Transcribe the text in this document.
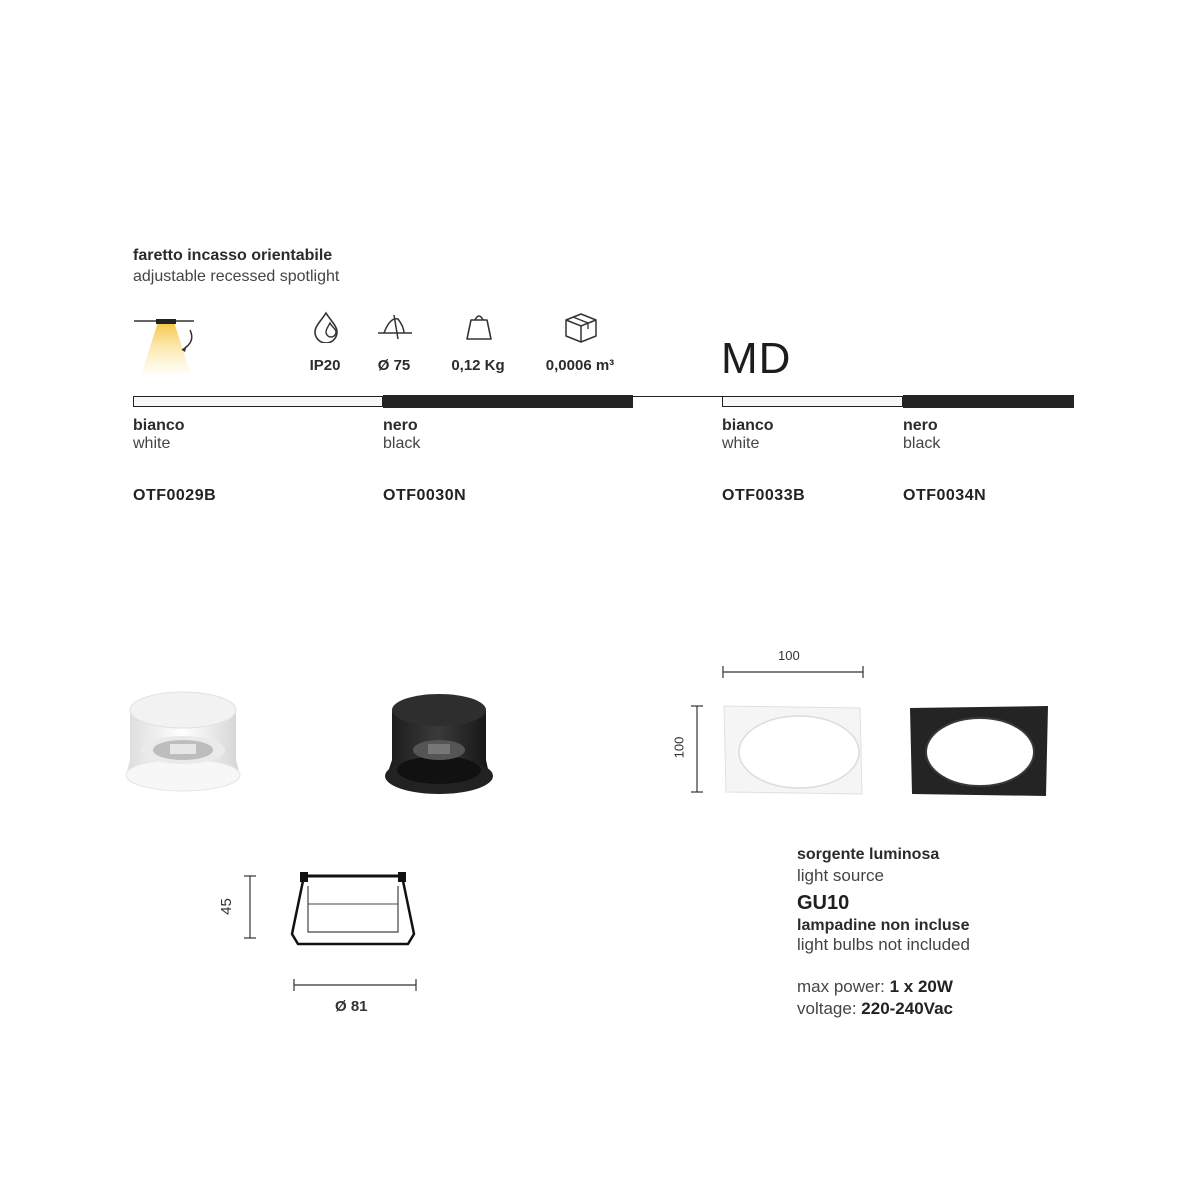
faretto incasso orientabile
adjustable recessed spotlight
IP20	Ø 75	0,12 Kg	0,0006 m³	MD
bianco
white
nero
black
bianco
white
nero
black
OTF0029B	OTF0030N	OTF0033B	OTF0034N
100
100
45
Ø 81
sorgente luminosa
light source
GU10
lampadine non incluse
light bulbs not included
max power: 1 x 20W
voltage: 220-240Vac
